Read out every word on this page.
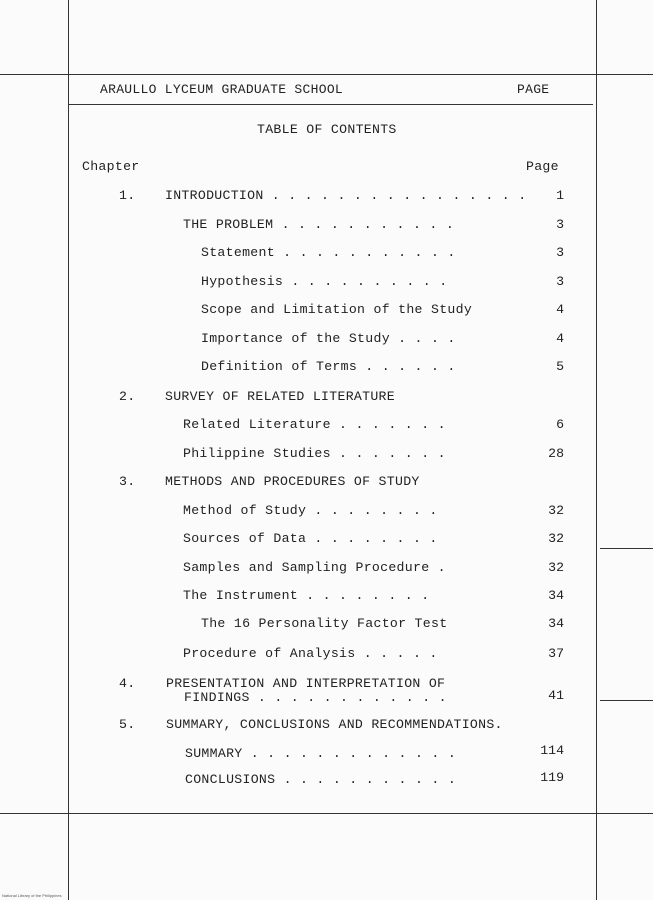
ARAULLO LYCEUM GRADUATE SCHOOL	PAGE
TABLE OF CONTENTS
Chapter	Page
1. INTRODUCTION . . . . . . . . . . . . . . . .	1
THE PROBLEM . . . . . . . . . . .	3
Statement . . . . . . . . . . .	3
Hypothesis . . . . . . . . . .	3
Scope and Limitation of the Study	4
Importance of the Study . . . .	4
Definition of Terms . . . . . .	5
2. SURVEY OF RELATED LITERATURE
Related Literature . . . . . . .	6
Philippine Studies . . . . . . .	28
3. METHODS AND PROCEDURES OF STUDY
Method of Study . . . . . . . .	32
Sources of Data . . . . . . . .	32
Samples and Sampling Procedure .	32
The Instrument . . . . . . . .	34
The 16 Personality Factor Test	34
Procedure of Analysis . . . . .	37
4. PRESENTATION AND INTERPRETATION OF
FINDINGS . . . . . . . . . . . .	41
5. SUMMARY, CONCLUSIONS AND RECOMMENDATIONS.
SUMMARY . . . . . . . . . . . . .	114
CONCLUSIONS . . . . . . . . . . .	119
National Library of the Philippines
